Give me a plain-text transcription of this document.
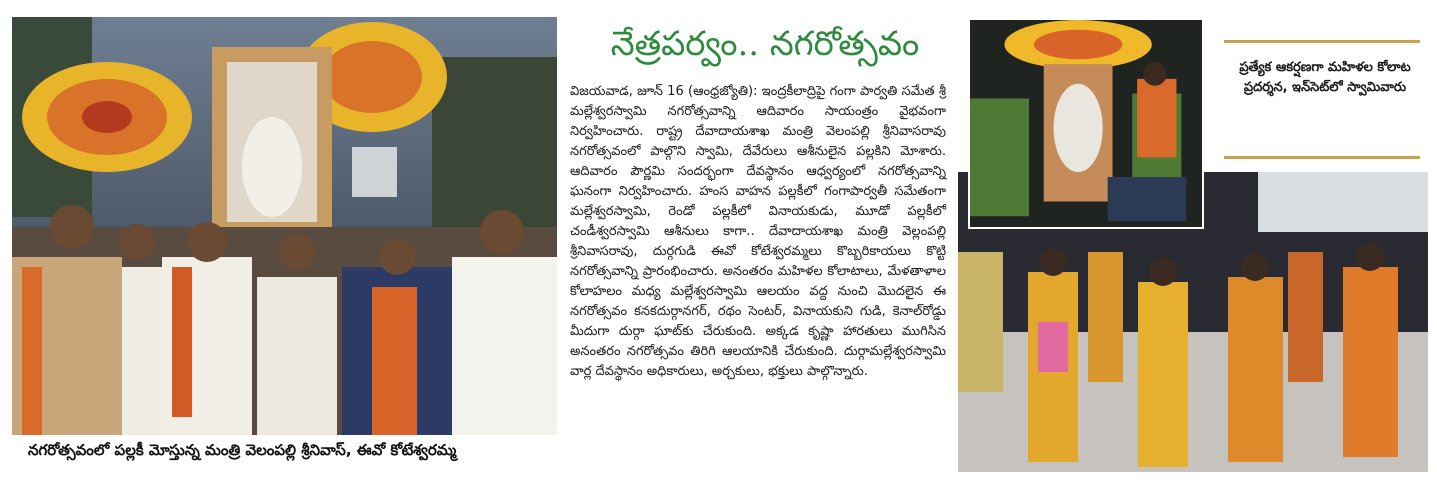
నగరోత్సవంలో పల్లకీ మోస్తున్న మంత్రి వెలంపల్లి శ్రీనివాస్, ఈవో కోటేశ్వరమ్మ
నేత్రపర్వం.. నగరోత్సవం
విజయవాడ, జూన్ 16 (ఆంధ్రజ్యోతి): ఇంద్రకీలాద్రిపై గంగా పార్వతి సమేత శ్రీ మల్లేశ్వరస్వామి నగరోత్సవాన్ని ఆదివారం సాయంత్రం వైభవంగా నిర్వహించారు. రాష్ట్ర దేవాదాయశాఖ మంత్రి వెలంపల్లి శ్రీనివాసరావు నగరోత్సవంలో పాల్గొని స్వామి, దేవేరులు ఆశీనులైన పల్లకిని మోశారు. ఆదివారం పౌర్ణమి సందర్భంగా దేవస్థానం ఆధ్వర్యంలో నగరోత్సవాన్ని ఘనంగా నిర్వహించారు. హంస వాహన పల్లకీలో గంగాపార్వతీ సమేతంగా మల్లేశ్వరస్వామి, రెండో పల్లకీలో వినాయకుడు, మూడో పల్లకీలో చండీశ్వరస్వామి ఆశీనులు కాగా.. దేవాదాయశాఖ మంత్రి వెల్లంపల్లి శ్రీనివాసరావు, దుర్గగుడి ఈవో కోటేశ్వరమ్మలు కొబ్బరికాయలు కొట్టి నగరోత్సవాన్ని ప్రారంభించారు. అనంతరం మహిళల కోలాటాలు, మేళతాళాల కోలాహలం మధ్య మల్లేశ్వరస్వామి ఆలయం వద్ద నుంచి మొదలైన ఈ నగరోత్సవం కనకదుర్గానగర్, రథం సెంటర్, వినాయకుని గుడి, కెనాల్‌రోడ్డు మీదుగా దుర్గా ఘాట్‌కు చేరుకుంది. అక్కడ కృష్ణా హారతులు ముగిసిన అనంతరం నగరోత్సవం తిరిగి ఆలయానికి చేరుకుంది. దుర్గామల్లేశ్వరస్వామి వార్ల దేవస్థానం అధికారులు, అర్చకులు, భక్తులు పాల్గొన్నారు.
ప్రత్యేక ఆకర్షణగా మహిళల కోలాట ప్రదర్శన, ఇన్‌సెట్‌లో స్వామివారు
